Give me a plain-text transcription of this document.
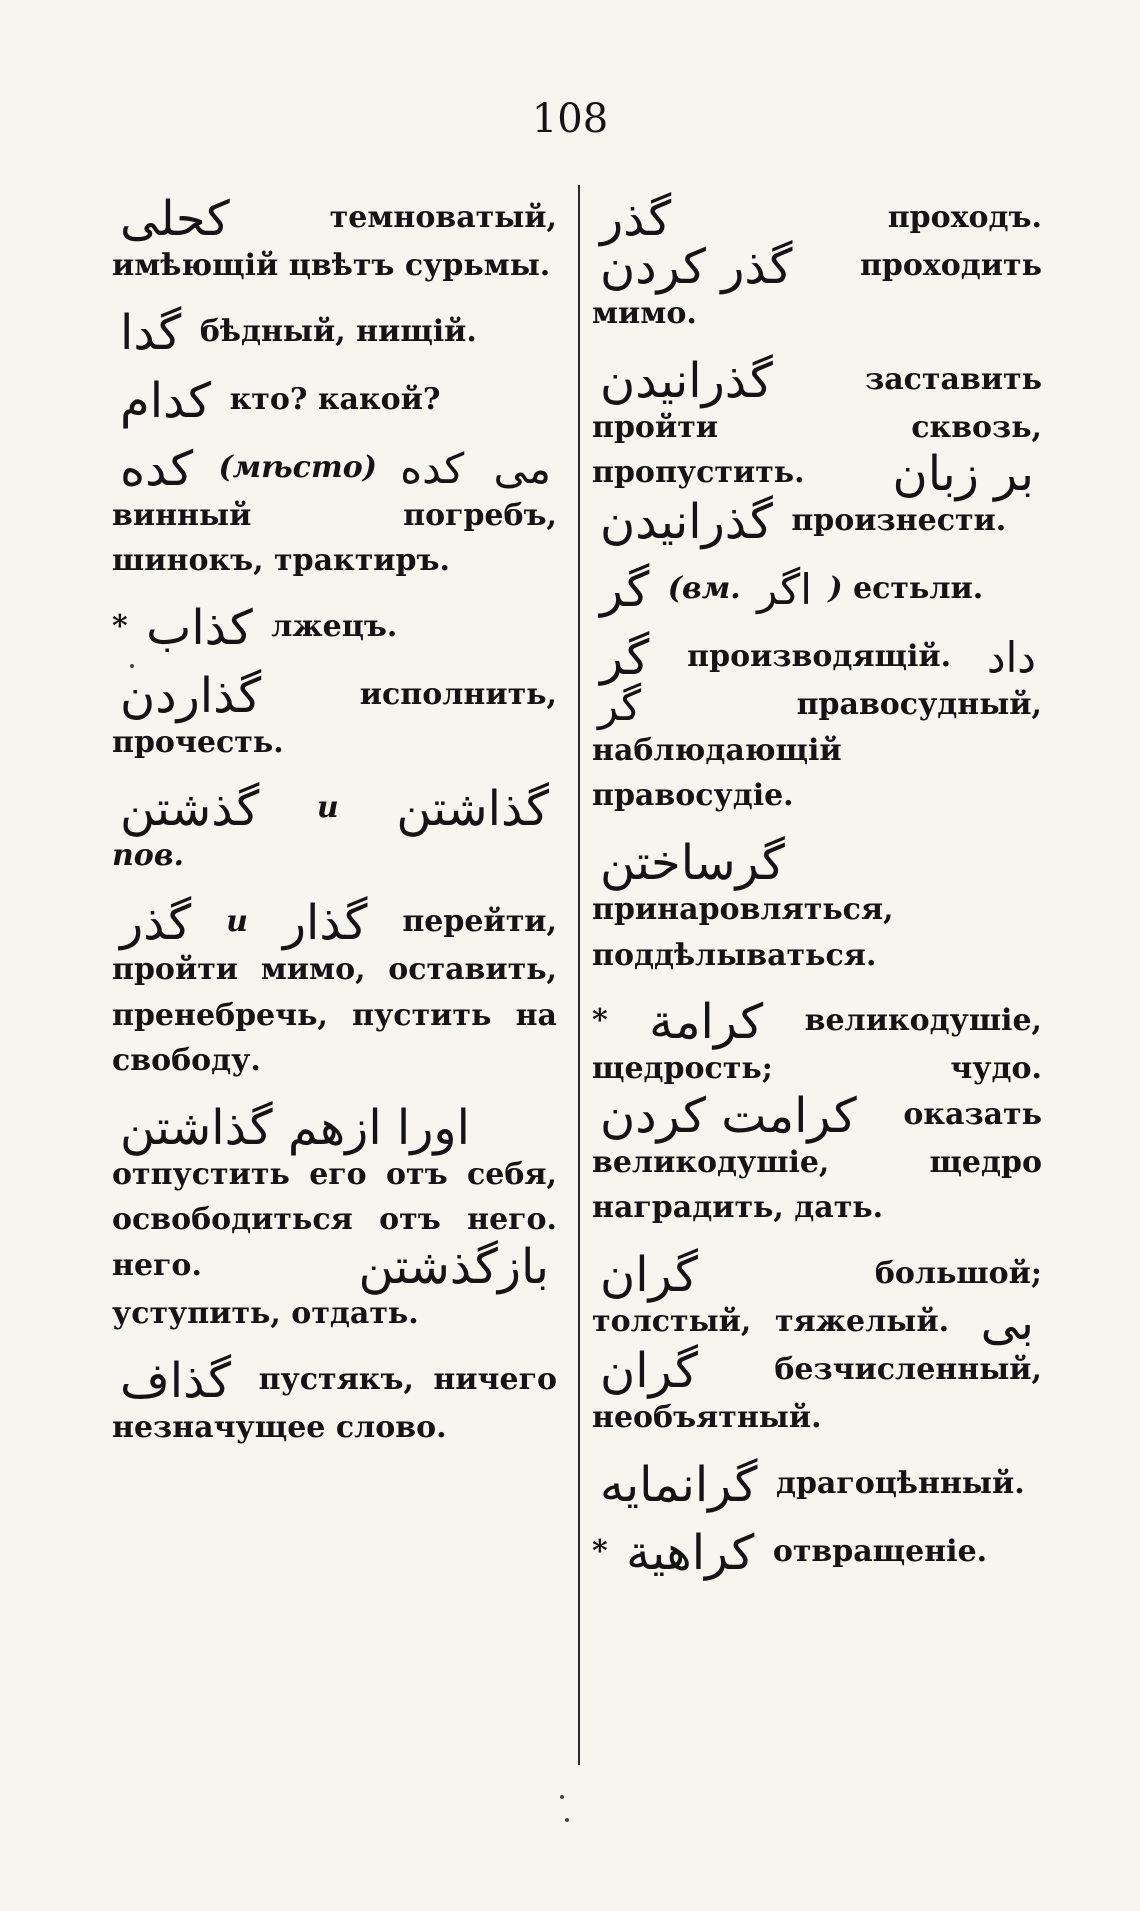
108
كحلى	темноватый, имѣющій цвѣтъ сурьмы.
گدا бѣдный, нищій.
كدام кто? какой?
كده (мѣсто) كده مى винный погребъ, шинокъ, трактиръ.
* كذاب лжецъ.
گذاردن	исполнить, прочесть.
گذشتن и گذاشتن пов.
گذر и گذار перейти, пройти мимо, оставить, пренебречь, пустить на свободу.
اورا ازهم گذاشتن отпустить его отъ себя, освободиться отъ него. него.	بازگذشتن уступить, отдать.
گذاف пустякъ, ничего незначущее слово.
گذر	проходъ. گذر كردن проходить мимо.
گذرانيدن	заставить пройти сквозь, пропустить. بر زبان گذرانيدن произнести.
گر (вм. اگر ) естьли.
گر производящій. داد گر	правосудный, наблюдающій правосудіе.
گرساختن принаровляться, поддѣлываться.
* كرامة великодушіе, щедрость; чудо. كرامت كردن оказать великодушіе, щедро наградить, дать.
گران	большой; толстый, тяжелый. بى گران	безчисленный, необъятный.
گرانمايه драгоцѣнный.
* كراهية отвращеніе.
